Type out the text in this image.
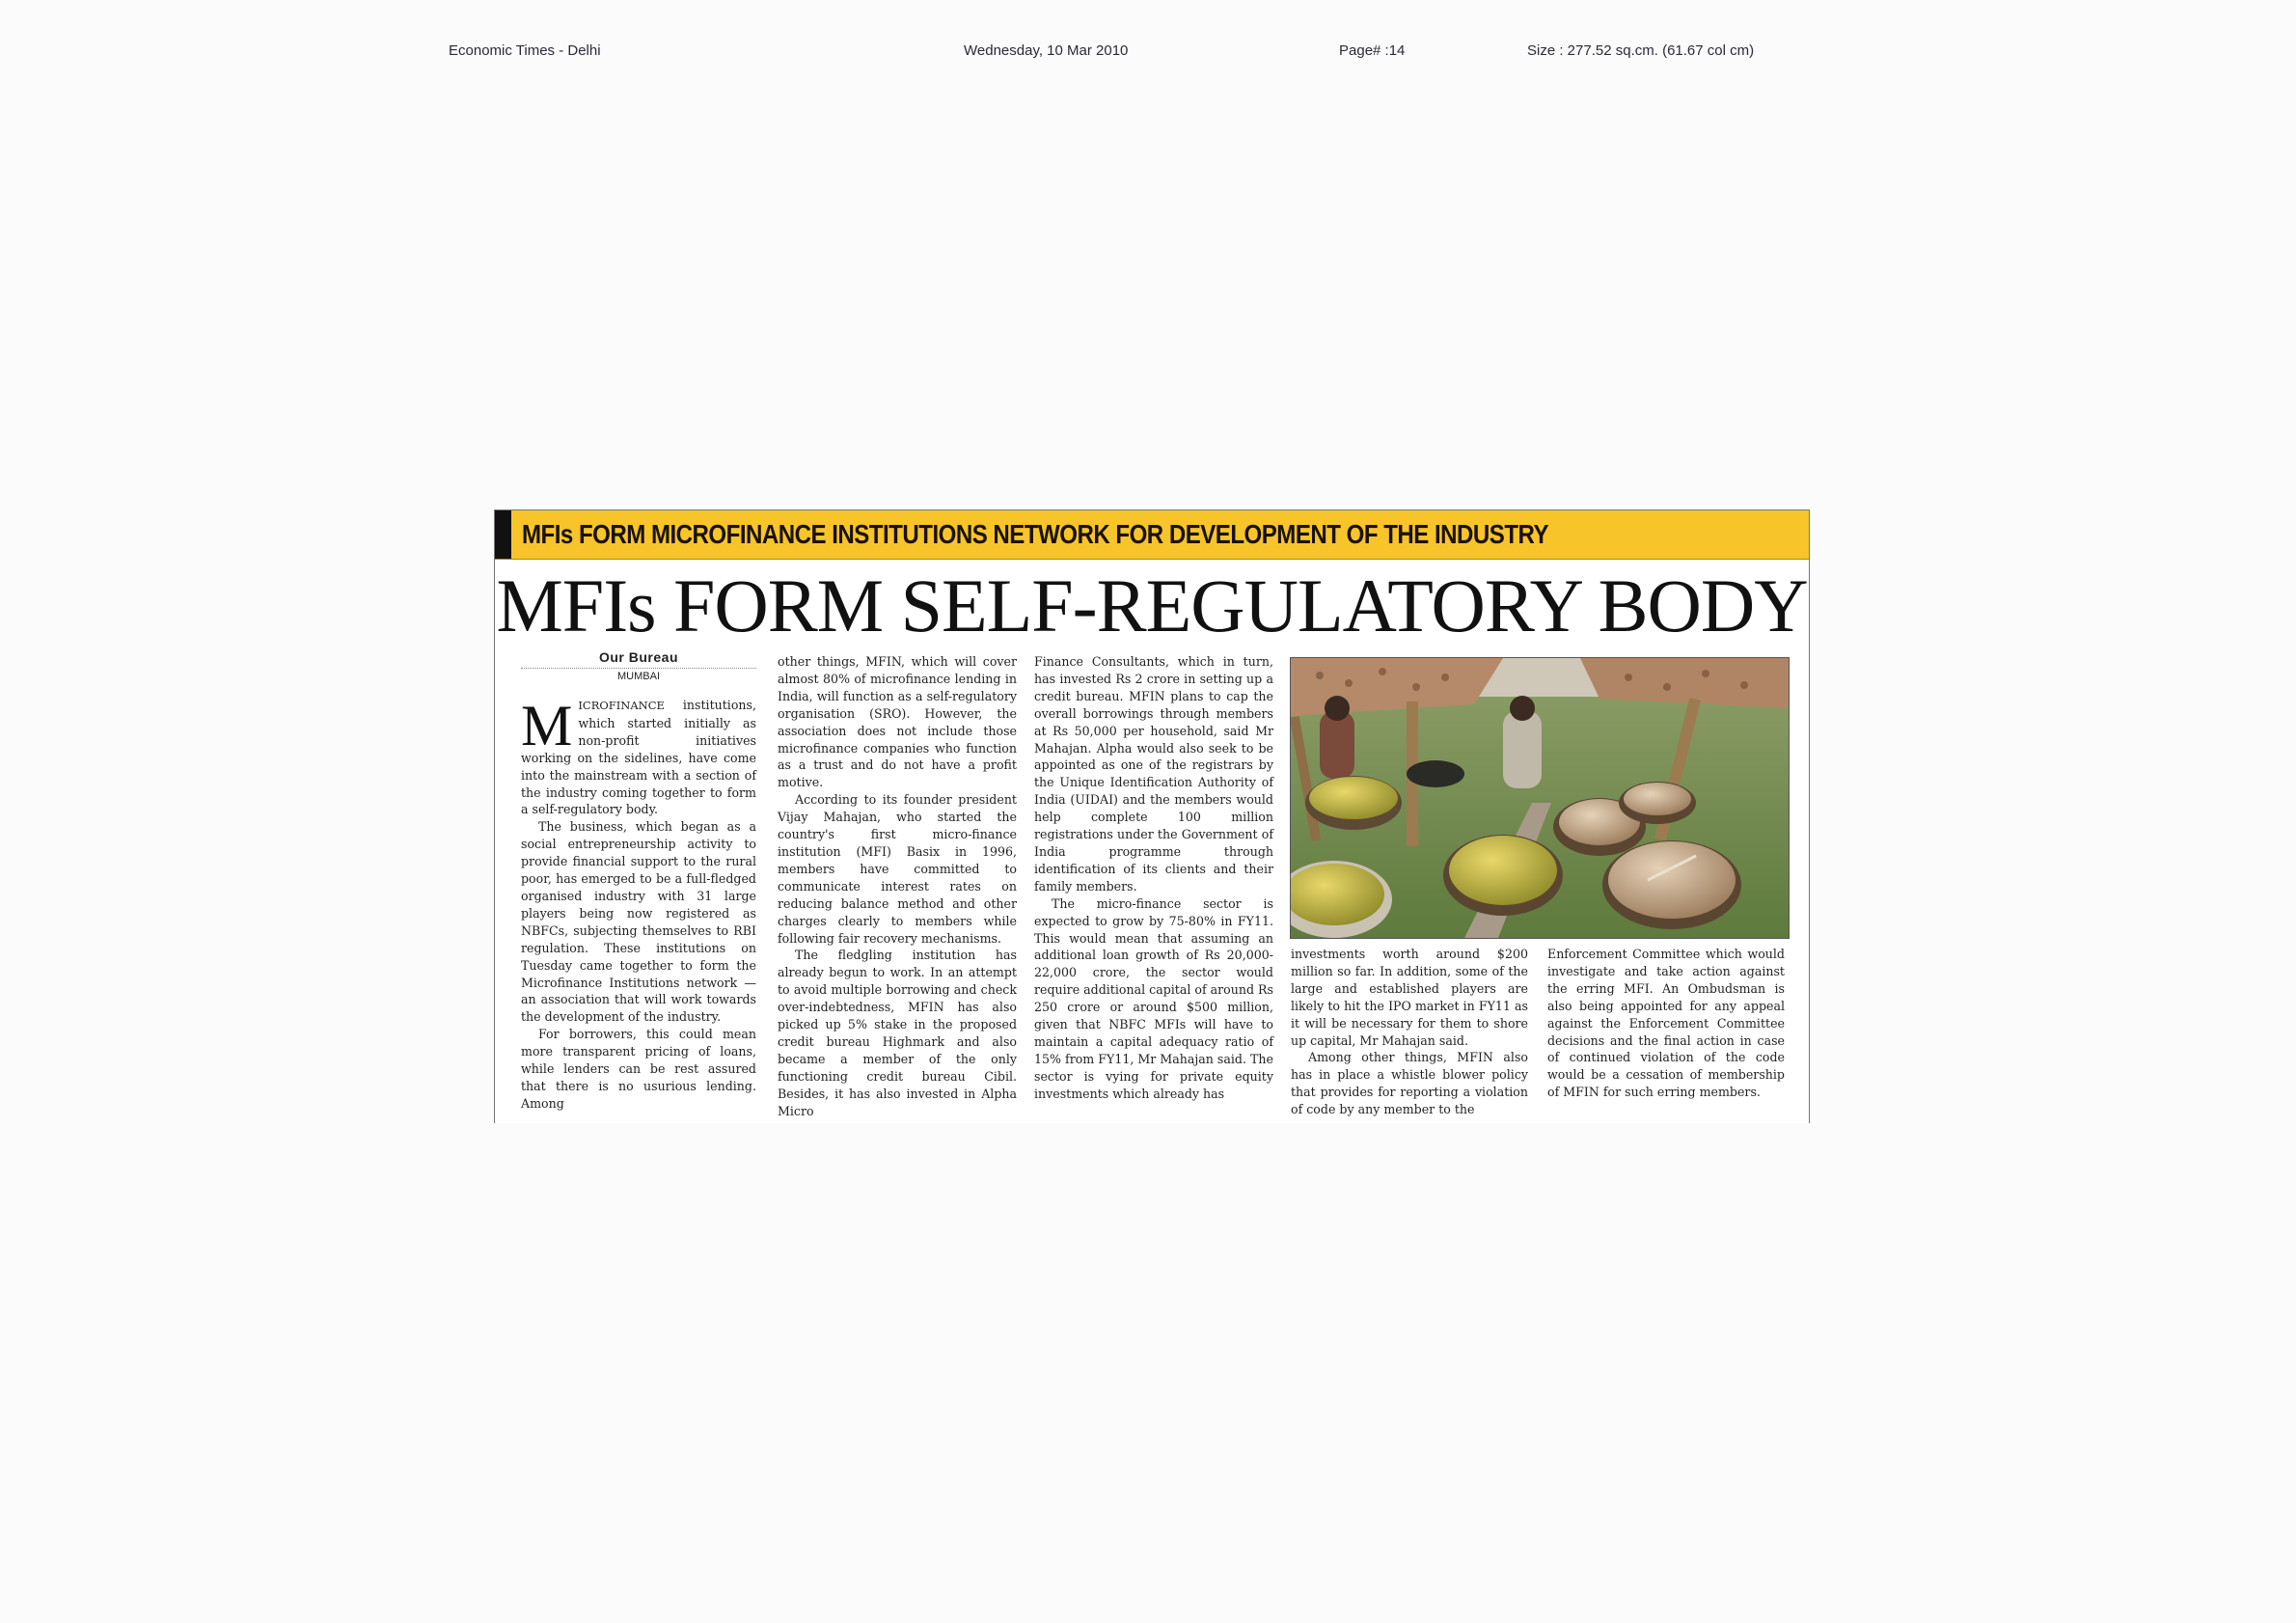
Economic Times - Delhi	Wednesday, 10 Mar 2010	Page# :14	Size : 277.52 sq.cm. (61.67 col cm)
MFIs FORM MICROFINANCE INSTITUTIONS NETWORK FOR DEVELOPMENT OF THE INDUSTRY
MFIs FORM SELF-REGULATORY BODY
Our Bureau
MUMBAI

MICROFINANCE institutions, which started initially as non-profit initiatives working on the sidelines, have come into the mainstream with a section of the industry coming together to form a self-regulatory body.

The business, which began as a social entrepreneurship activity to provide financial support to the rural poor, has emerged to be a full-fledged organised industry with 31 large players being now registered as NBFCs, subjecting themselves to RBI regulation. These institutions on Tuesday came together to form the Microfinance Institutions network — an association that will work towards the development of the industry.

For borrowers, this could mean more transparent pricing of loans, while lenders can be rest assured that there is no usurious lending. Among

other things, MFIN, which will cover almost 80% of microfinance lending in India, will function as a self-regulatory organisation (SRO). However, the association does not include those microfinance companies who function as a trust and do not have a profit motive.

According to its founder president Vijay Mahajan, who started the country's first micro-finance institution (MFI) Basix in 1996, members have committed to communicate interest rates on reducing balance method and other charges clearly to members while following fair recovery mechanisms.

The fledgling institution has already begun to work. In an attempt to avoid multiple borrowing and check over-indebtedness, MFIN has also picked up 5% stake in the proposed credit bureau Highmark and also became a member of the only functioning credit bureau Cibil. Besides, it has also invested in Alpha Micro

Finance Consultants, which in turn, has invested Rs 2 crore in setting up a credit bureau. MFIN plans to cap the overall borrowings through members at Rs 50,000 per household, said Mr Mahajan. Alpha would also seek to be appointed as one of the registrars by the Unique Identification Authority of India (UIDAI) and the members would help complete 100 million registrations under the Government of India programme through identification of its clients and their family members.

The micro-finance sector is expected to grow by 75-80% in FY11. This would mean that assuming an additional loan growth of Rs 20,000-22,000 crore, the sector would require additional capital of around Rs 250 crore or around $500 million, given that NBFC MFIs will have to maintain a capital adequacy ratio of 15% from FY11, Mr Mahajan said. The sector is vying for private equity investments which already has

investments worth around $200 million so far. In addition, some of the large and established players are likely to hit the IPO market in FY11 as it will be necessary for them to shore up capital, Mr Mahajan said.

Among other things, MFIN also has in place a whistle blower policy that provides for reporting a violation of code by any member to the

Enforcement Committee which would investigate and take action against the erring MFI. An Ombudsman is also being appointed for any appeal against the Enforcement Committee decisions and the final action in case of continued violation of the code would be a cessation of membership of MFIN for such erring members.
